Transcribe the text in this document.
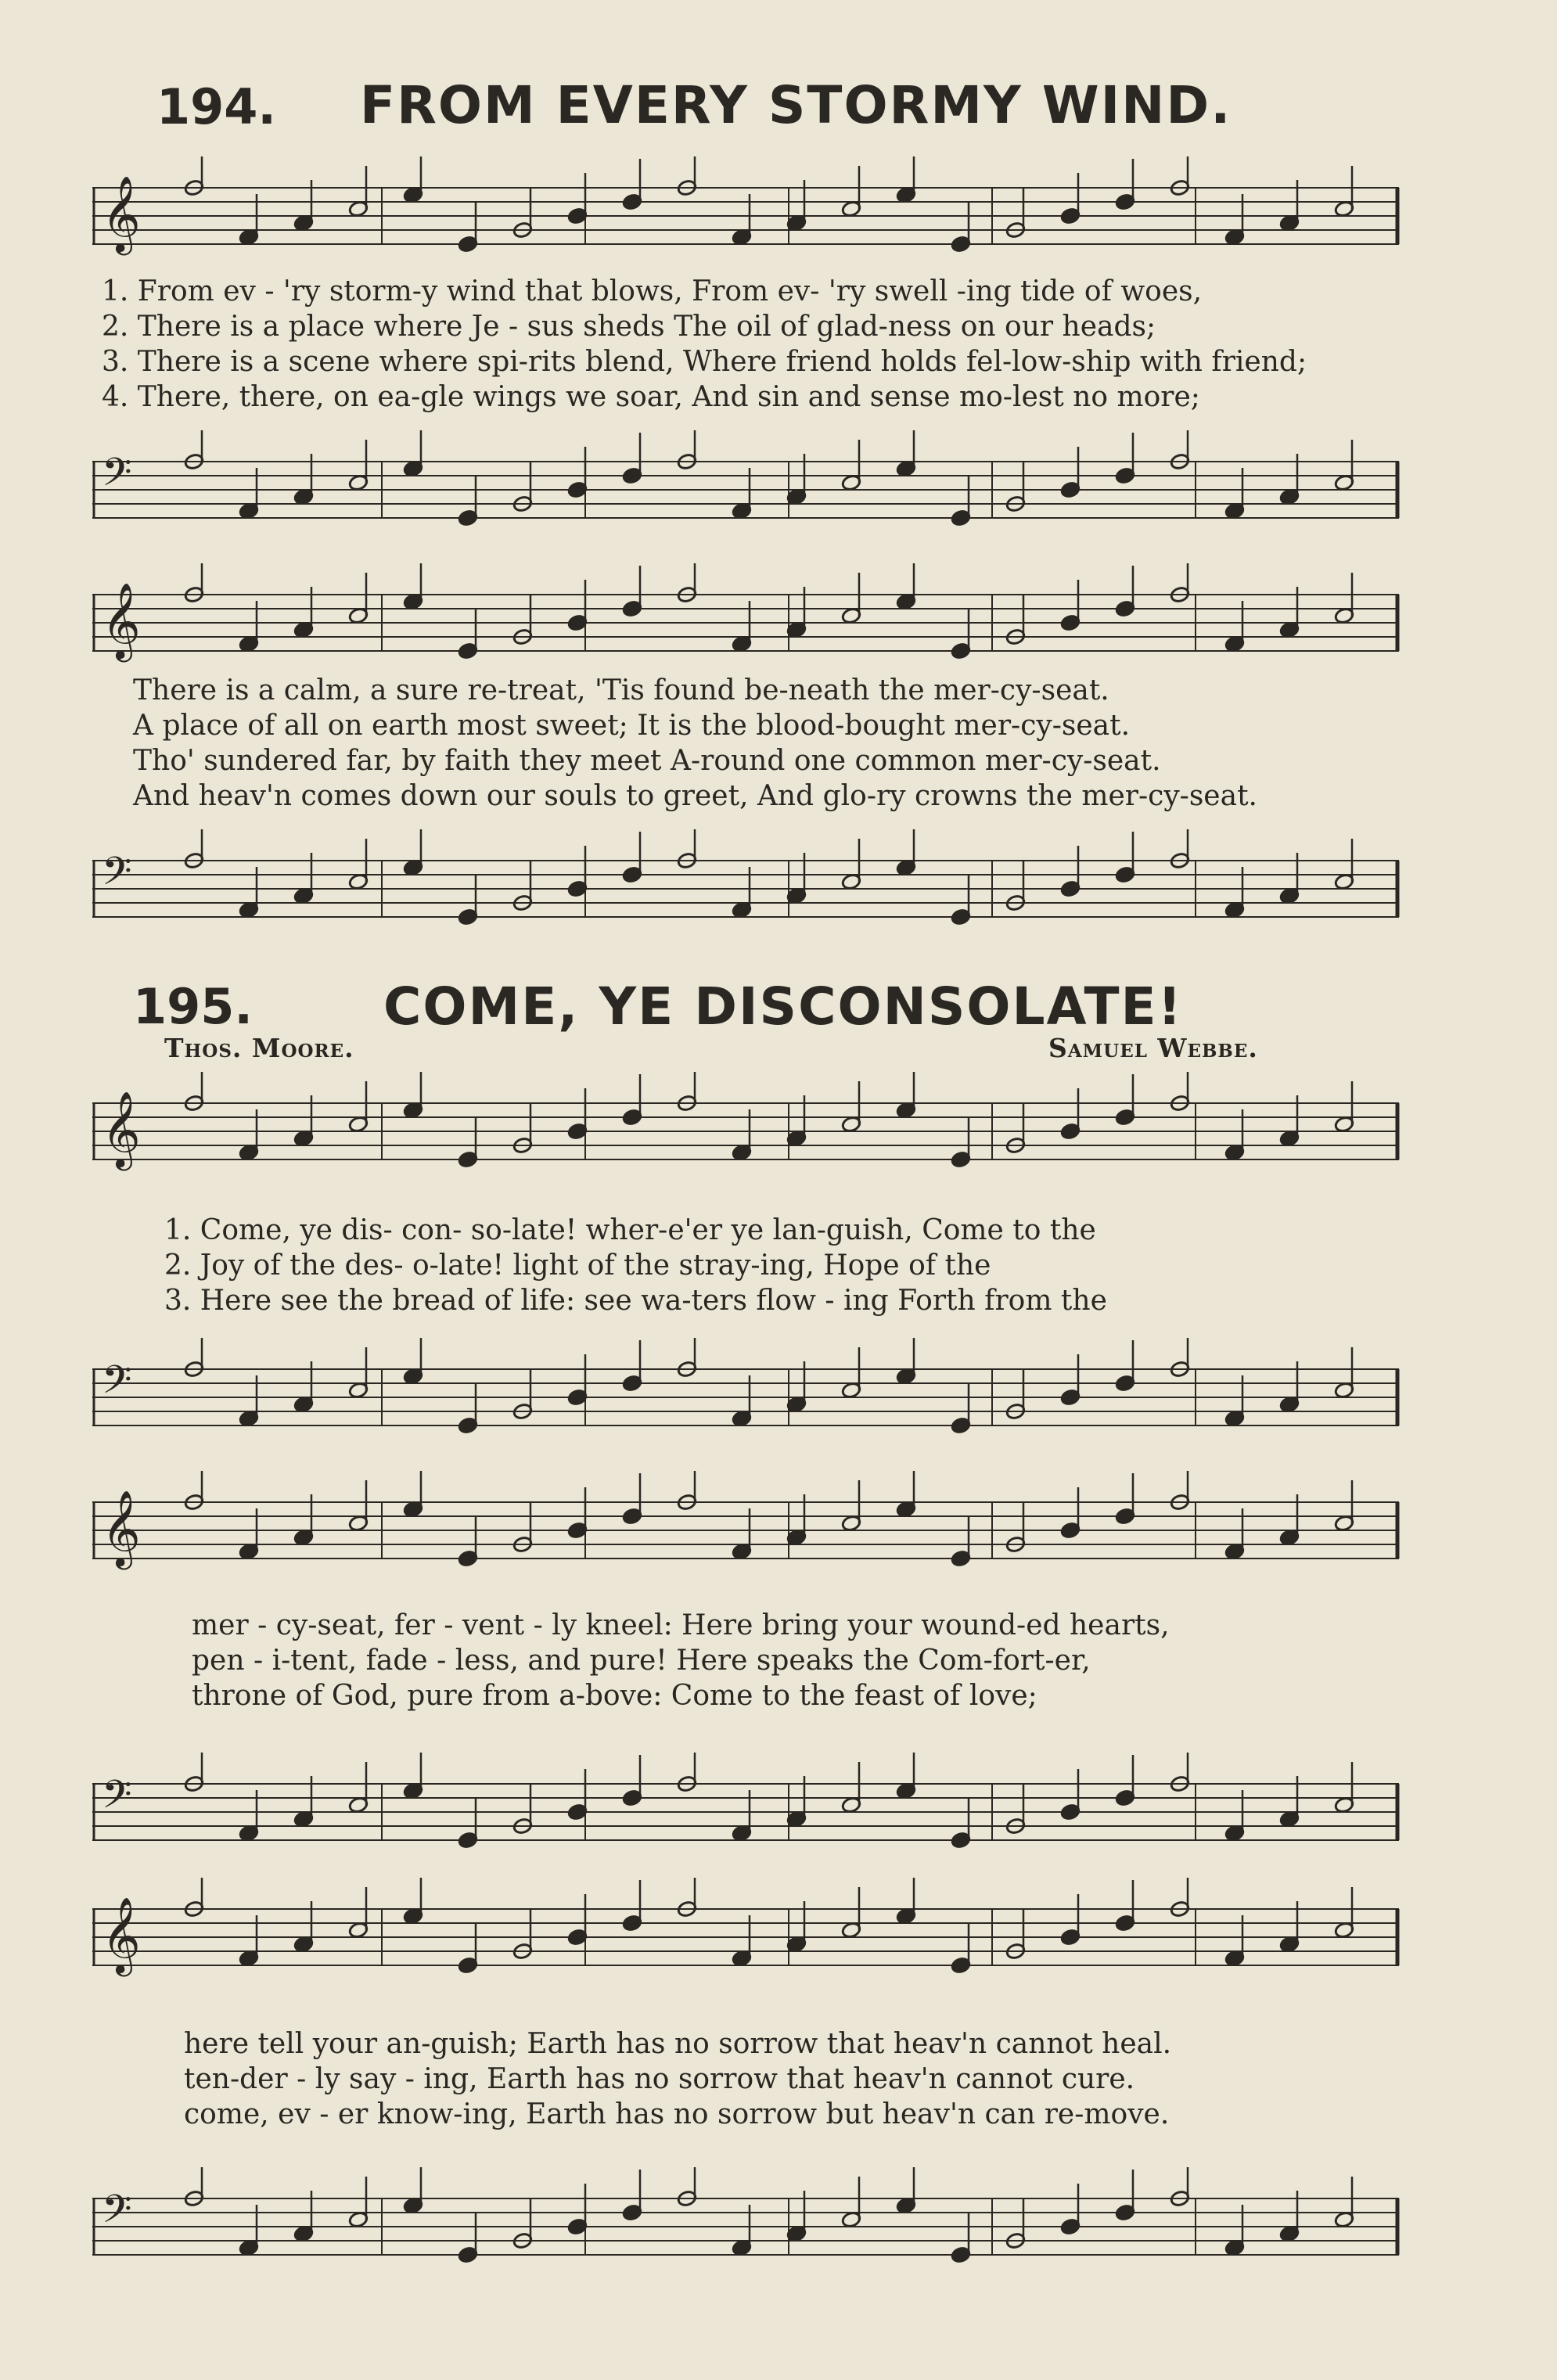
194. FROM EVERY STORMY WIND.
𝄞
𝄢
1. From ev - 'ry storm-y wind that blows, From ev- 'ry swell -ing tide of woes,
2. There is a place where Je - sus sheds The oil of glad-ness on our heads;
3. There is a scene where spi-rits blend, Where friend holds fel-low-ship with friend;
4. There, there, on ea-gle wings we soar, And sin and sense mo-lest no more;
𝄞
𝄢
There is a calm, a sure re-treat, 'Tis found be-neath the mer-cy-seat.
A place of all on earth most sweet; It is the blood-bought mer-cy-seat.
Tho' sundered far, by faith they meet A-round one common mer-cy-seat.
And heav'n comes down our souls to greet, And glo-ry crowns the mer-cy-seat.
195.	COME, YE DISCONSOLATE!
Thos. Moore.	Samuel Webbe.
𝄞
𝄢
1. Come, ye dis- con- so-late! wher-e'er ye lan-guish, Come to the
2. Joy of the des- o-late! light of the stray-ing, Hope of the
3. Here see the bread of life: see wa-ters flow - ing Forth from the
𝄞
𝄢
mer - cy-seat, fer - vent - ly kneel: Here bring your wound-ed hearts,
pen - i-tent, fade - less, and pure! Here speaks the Com-fort-er,
throne of God, pure from a-bove: Come to the feast of love;
𝄞
𝄢
here tell your an-guish; Earth has no sorrow that heav'n cannot heal.
ten-der - ly say - ing, Earth has no sorrow that heav'n cannot cure.
come, ev - er know-ing, Earth has no sorrow but heav'n can re-move.
